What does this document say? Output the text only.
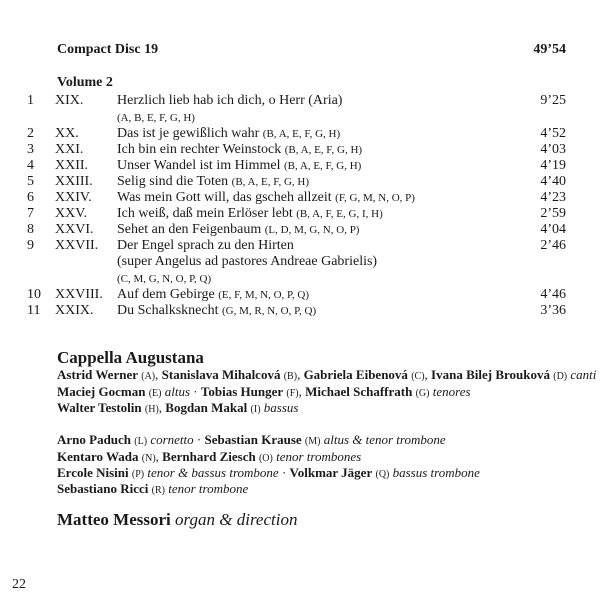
Compact Disc 19	49’54
Volume 2
1 XIX. Herzlich lieb hab ich dich, o Herr (Aria)	9’25
(A, B, E, F, G, H)
2 XX.	Das ist je gewißlich wahr (B, A, E, F, G, H)	4’52
3 XXI. Ich bin ein rechter Weinstock (B, A, E, F, G, H)	4’03
4 XXII. Unser Wandel ist im Himmel (B, A, E, F, G, H)	4’19
5 XXIII. Selig sind die Toten (B, A, E, F, G, H)	4’40
6 XXIV. Was mein Gott will, das gscheh allzeit (F, G, M, N, O, P)	4’23
7 XXV. Ich weiß, daß mein Erlöser lebt (B, A, F, E, G, I, H)	2’59
8 XXVI. Sehet an den Feigenbaum (L, D, M, G, N, O, P)	4’04
9 XXVII. Der Engel sprach zu den Hirten	2’46
(super Angelus ad pastores Andreae Gabrielis)
(C, M, G, N, O, P, Q)
10 XXVIII. Auf dem Gebirge (E, F, M, N, O, P, Q)	4’46
11 XXIX. Du Schalksknecht (G, M, R, N, O, P, Q)	3’36
Cappella Augustana
Astrid Werner (A), Stanislava Mihalcová (B), Gabriela Eibenová (C), Ivana Bilej Brouková (D) canti
Maciej Gocman (E) altus · Tobias Hunger (F), Michael Schaffrath (G) tenores
Walter Testolin (H), Bogdan Makal (I) bassus
Arno Paduch (L) cornetto · Sebastian Krause (M) altus & tenor trombone
Kentaro Wada (N), Bernhard Ziesch (O) tenor trombones
Ercole Nisini (P) tenor & bassus trombone · Volkmar Jäger (Q) bassus trombone
Sebastiano Ricci (R) tenor trombone
Matteo Messori organ & direction
22
